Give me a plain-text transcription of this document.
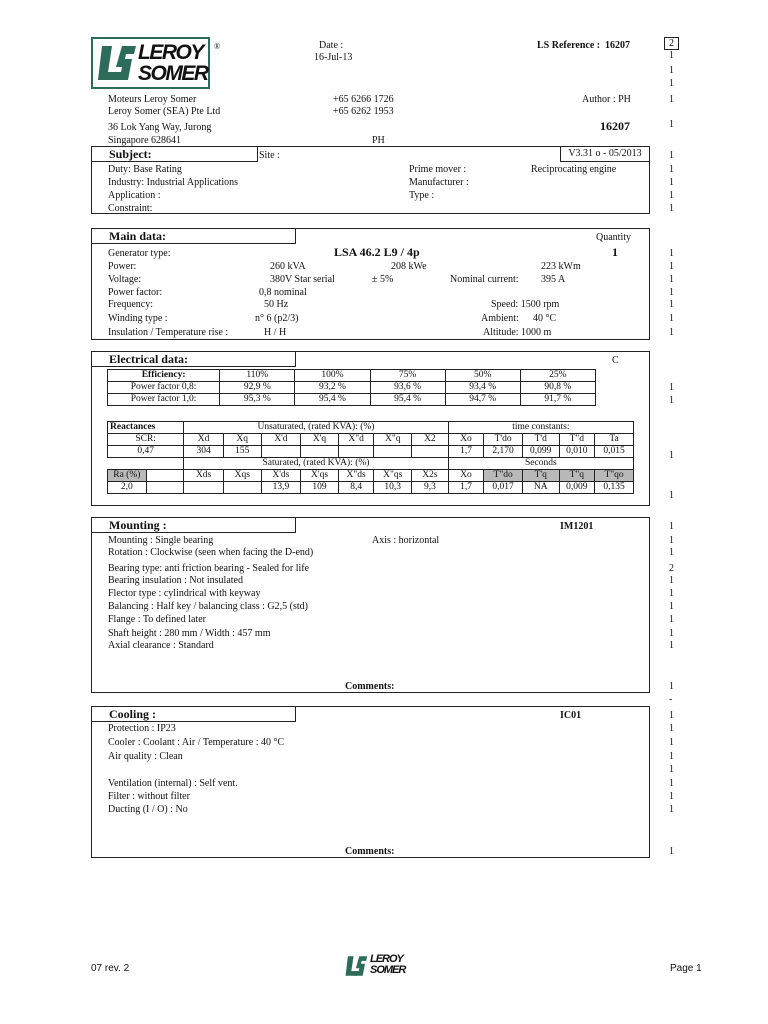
LEROY
SOMER
®	Date :
16-Jul-13
LS Reference : 16207	2
Moteurs Leroy Somer
Leroy Somer (SEA) Pte Ltd
+65 6266 1726
+65 6262 1953
Author : PH
36 Lok Yang Way, Jurong
Singapore 628641
16207
PH
Subject:	Site :	V3.31 o - 05/2013
Duty: Base Rating
Industry: Industrial Applications
Application :
Constraint:
Prime mover :	Reciprocating engine
Manufacturer :
Type :
Main data:	Quantity
1
Generator type:	LSA 46.2 L9 / 4p
Power:	260 kVA	208 kWe	223 kWm
Voltage:	380V Star serial	± 5%	Nominal current: 395 A
Power factor:	0,8 nominal
Frequency:	50 Hz	Speed: 1500 rpm
Winding type :	n° 6 (p2/3)	Ambient: 40 °C
Insulation / Temperature rise :	H / H	Altitude: 1000 m
Electrical data:	C
Efficiency:	110%	100%	75%	50%	25%
Power factor 0,8:	92,9 %	93,2 %	93,6 %	93,4 %	90,8 %
Power factor 1,0:	95,3 %	95,4 %	95,4 %	94,7 %	91,7 %
Reactances		Unsaturated, (rated KVA): (%)							time constants:				
SCR:		Xd	Xq	X'd	X'q	X"d	X"q	X2	Xo	T'do	T'd	T"d	Ta
0,47		304	155						1,7	2,170	0,099	0,010	0,015
		Saturated, (rated KVA): (%)							Seconds				
Ra (%)		Xds	Xqs	X'ds	X'qs	X"ds	X"qs	X2s	Xo	T"do	T'q	T"q	T"qo
2,0				13,9	109	8,4	10,3	9,3	1,7	0,017	NA	0,009	0,135
Mounting :	IM1201
Mounting : Single bearing	Axis : horizontal
Rotation : Clockwise (seen when facing the D-end)
Bearing type: anti friction bearing - Sealed for life
Bearing insulation : Not insulated
Flector type : cylindrical with keyway
Balancing : Half key / balancing class : G2,5 (std)
Flange : To defined later
Shaft height : 280 mm / Width : 457 mm
Axial clearance : Standard
Comments:
Cooling :	IC01
Protection : IP23
Cooler : Coolant : Air / Temperature : 40 °C
Air quality : Clean
Ventilation (internal) : Self vent.
Filter : without filter
Ducting (I / O) : No
Comments:
1
1
1
1
1
1
1
1
1
1
1
1
1
1
1
1
1
1
1
1
1
1
1
1
2
1
1
1
1
1
1
1
-
1
1
1
1
1
1
1
1
1
07 rev. 2
LEROY
SOMER	Page 1
